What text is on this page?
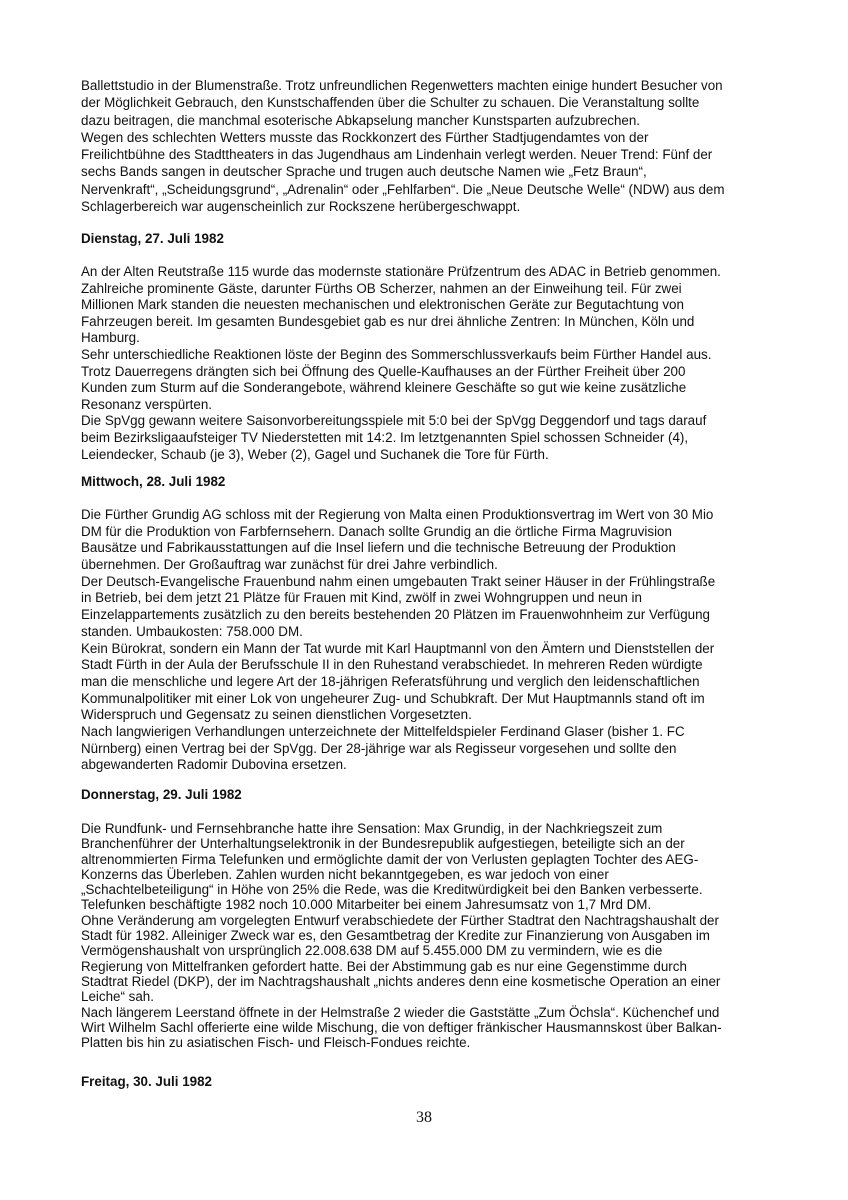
Ballettstudio in der Blumenstraße. Trotz unfreundlichen Regenwetters machten einige hundert Besucher von
der Möglichkeit Gebrauch, den Kunstschaffenden über die Schulter zu schauen. Die Veranstaltung sollte
dazu beitragen, die manchmal esoterische Abkapselung mancher Kunstsparten aufzubrechen.
Wegen des schlechten Wetters musste das Rockkonzert des Fürther Stadtjugendamtes von der
Freilichtbühne des Stadttheaters in das Jugendhaus am Lindenhain verlegt werden. Neuer Trend: Fünf der
sechs Bands sangen in deutscher Sprache und trugen auch deutsche Namen wie „Fetz Braun“,
Nervenkraft“, „Scheidungsgrund“, „Adrenalin“ oder „Fehlfarben“. Die „Neue Deutsche Welle“ (NDW) aus dem
Schlagerbereich war augenscheinlich zur Rockszene herübergeschwappt.
Dienstag, 27. Juli 1982
An der Alten Reutstraße 115 wurde das modernste stationäre Prüfzentrum des ADAC in Betrieb genommen.
Zahlreiche prominente Gäste, darunter Fürths OB Scherzer, nahmen an der Einweihung teil. Für zwei
Millionen Mark standen die neuesten mechanischen und elektronischen Geräte zur Begutachtung von
Fahrzeugen bereit. Im gesamten Bundesgebiet gab es nur drei ähnliche Zentren: In München, Köln und
Hamburg.
Sehr unterschiedliche Reaktionen löste der Beginn des Sommerschlussverkaufs beim Fürther Handel aus.
Trotz Dauerregens drängten sich bei Öffnung des Quelle-Kaufhauses an der Fürther Freiheit über 200
Kunden zum Sturm auf die Sonderangebote, während kleinere Geschäfte so gut wie keine zusätzliche
Resonanz verspürten.
Die SpVgg gewann weitere Saisonvorbereitungsspiele mit 5:0 bei der SpVgg Deggendorf und tags darauf
beim Bezirksligaaufsteiger TV Niederstetten mit 14:2. Im letztgenannten Spiel schossen Schneider (4),
Leiendecker, Schaub (je 3), Weber (2), Gagel und Suchanek die Tore für Fürth.
Mittwoch, 28. Juli 1982
Die Fürther Grundig AG schloss mit der Regierung von Malta einen Produktionsvertrag im Wert von 30 Mio
DM für die Produktion von Farbfernsehern. Danach sollte Grundig an die örtliche Firma Magruvision
Bausätze und Fabrikausstattungen auf die Insel liefern und die technische Betreuung der Produktion
übernehmen. Der Großauftrag war zunächst für drei Jahre verbindlich.
Der Deutsch-Evangelische Frauenbund nahm einen umgebauten Trakt seiner Häuser in der Frühlingstraße
in Betrieb, bei dem jetzt 21 Plätze für Frauen mit Kind, zwölf in zwei Wohngruppen und neun in
Einzelappartements zusätzlich zu den bereits bestehenden 20 Plätzen im Frauenwohnheim zur Verfügung
standen. Umbaukosten: 758.000 DM.
Kein Bürokrat, sondern ein Mann der Tat wurde mit Karl Hauptmannl von den Ämtern und Dienststellen der
Stadt Fürth in der Aula der Berufsschule II in den Ruhestand verabschiedet. In mehreren Reden würdigte
man die menschliche und legere Art der 18-jährigen Referatsführung und verglich den leidenschaftlichen
Kommunalpolitiker mit einer Lok von ungeheurer Zug- und Schubkraft. Der Mut Hauptmannls stand oft im
Widerspruch und Gegensatz zu seinen dienstlichen Vorgesetzten.
Nach langwierigen Verhandlungen unterzeichnete der Mittelfeldspieler Ferdinand Glaser (bisher 1. FC
Nürnberg) einen Vertrag bei der SpVgg. Der 28-jährige war als Regisseur vorgesehen und sollte den
abgewanderten Radomir Dubovina ersetzen.
Donnerstag, 29. Juli 1982
Die Rundfunk- und Fernsehbranche hatte ihre Sensation: Max Grundig, in der Nachkriegszeit zum
Branchenführer der Unterhaltungselektronik in der Bundesrepublik aufgestiegen, beteiligte sich an der
altrenommierten Firma Telefunken und ermöglichte damit der von Verlusten geplagten Tochter des AEG-
Konzerns das Überleben. Zahlen wurden nicht bekanntgegeben, es war jedoch von einer
„Schachtelbeteiligung“ in Höhe von 25% die Rede, was die Kreditwürdigkeit bei den Banken verbesserte.
Telefunken beschäftigte 1982 noch 10.000 Mitarbeiter bei einem Jahresumsatz von 1,7 Mrd DM.
Ohne Veränderung am vorgelegten Entwurf verabschiedete der Fürther Stadtrat den Nachtragshaushalt der
Stadt für 1982. Alleiniger Zweck war es, den Gesamtbetrag der Kredite zur Finanzierung von Ausgaben im
Vermögenshaushalt von ursprünglich 22.008.638 DM auf 5.455.000 DM zu vermindern, wie es die
Regierung von Mittelfranken gefordert hatte. Bei der Abstimmung gab es nur eine Gegenstimme durch
Stadtrat Riedel (DKP), der im Nachtragshaushalt „nichts anderes denn eine kosmetische Operation an einer
Leiche“ sah.
Nach längerem Leerstand öffnete in der Helmstraße 2 wieder die Gaststätte „Zum Öchsla“. Küchenchef und
Wirt Wilhelm Sachl offerierte eine wilde Mischung, die von deftiger fränkischer Hausmannskost über Balkan-
Platten bis hin zu asiatischen Fisch- und Fleisch-Fondues reichte.
Freitag, 30. Juli 1982
38
